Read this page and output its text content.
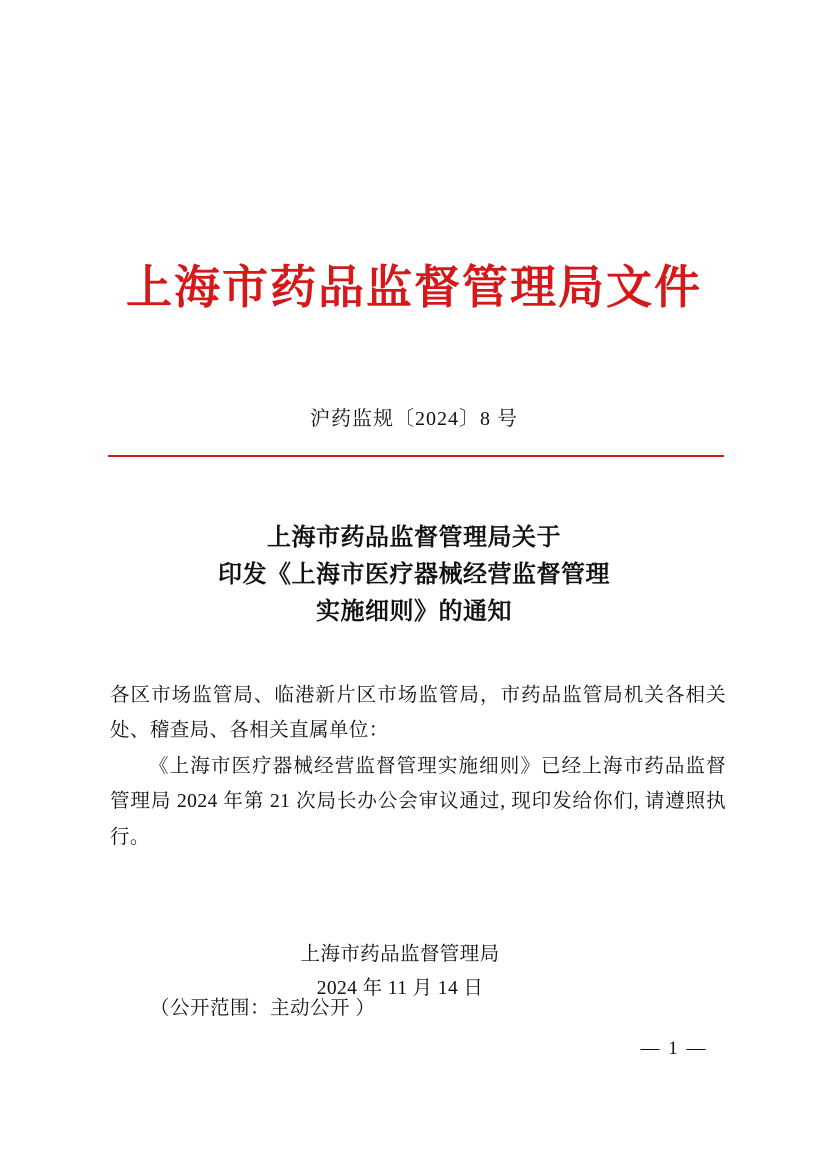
上海市药品监督管理局文件
沪药监规〔2024〕8 号
上海市药品监督管理局关于
印发《上海市医疗器械经营监督管理
实施细则》的通知

各区市场监管局、临港新片区市场监管局，市药品监管局机关各相关处、稽查局、各相关直属单位：

《上海市医疗器械经营监督管理实施细则》已经上海市药品监督管理局 2024 年第 21 次局长办公会审议通过, 现印发给你们, 请遵照执行。

上海市药品监督管理局
2024 年 11 月 14 日
（公开范围：主动公开 ）
— 1 —
